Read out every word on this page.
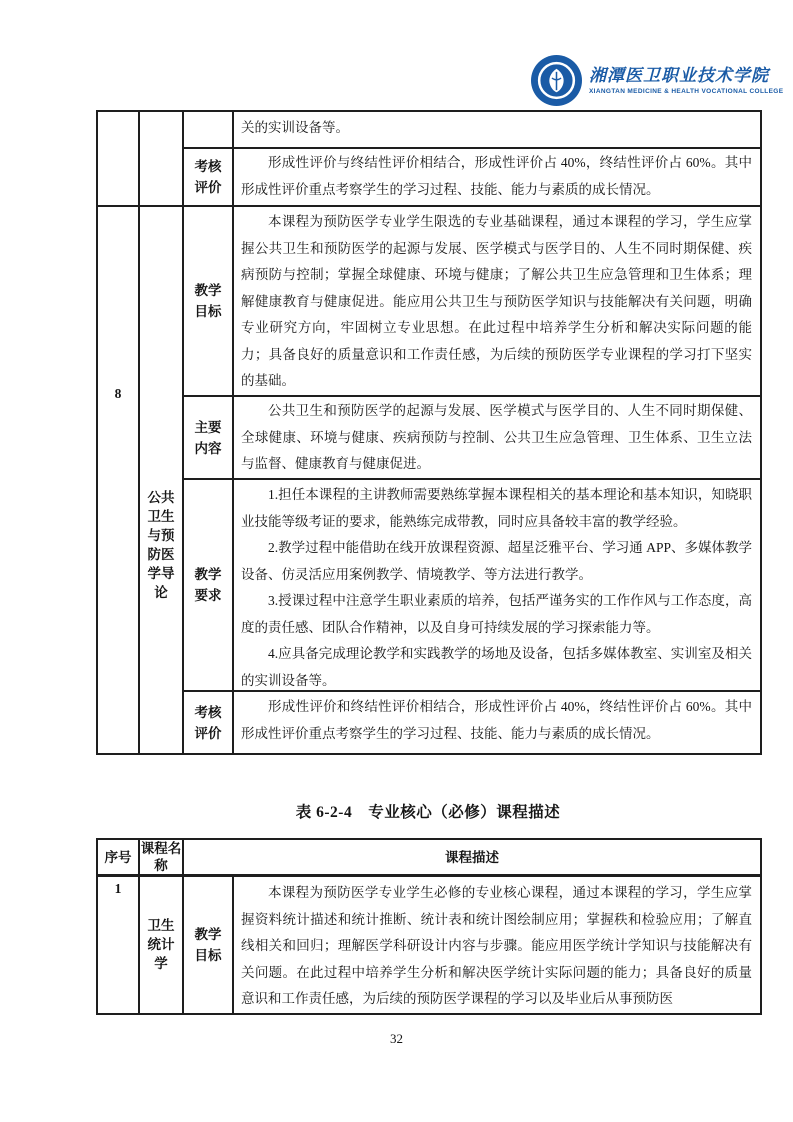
湘潭医卫职业技术学院
XIANGTAN MEDICINE & HEALTH VOCATIONAL COLLEGE

			关的实训设备等。

		考核评价	形成性评价与终结性评价相结合，形成性评价占 40%，终结性评价占 60%。其中形成性评价重点考察学生的学习过程、技能、能力与素质的成长情况。

8	公共卫生与预防医学导论	教学目标	本课程为预防医学专业学生限选的专业基础课程，通过本课程的学习，学生应掌握公共卫生和预防医学的起源与发展、医学模式与医学目的、人生不同时期保健、疾病预防与控制；掌握全球健康、环境与健康；了解公共卫生应急管理和卫生体系；理解健康教育与健康促进。能应用公共卫生与预防医学知识与技能解决有关问题，明确专业研究方向，牢固树立专业思想。在此过程中培养学生分析和解决实际问题的能力；具备良好的质量意识和工作责任感，为后续的预防医学专业课程的学习打下坚实的基础。

		主要内容	公共卫生和预防医学的起源与发展、医学模式与医学目的、人生不同时期保健、全球健康、环境与健康、疾病预防与控制、公共卫生应急管理、卫生体系、卫生立法与监督、健康教育与健康促进。

		教学要求	1.担任本课程的主讲教师需要熟练掌握本课程相关的基本理论和基本知识，知晓职业技能等级考证的要求，能熟练完成带教，同时应具备较丰富的教学经验。

2.教学过程中能借助在线开放课程资源、超星泛雅平台、学习通 APP、多媒体教学设备、仿灵活应用案例教学、情境教学、等方法进行教学。

3.授课过程中注意学生职业素质的培养，包括严谨务实的工作作风与工作态度，高度的责任感、团队合作精神，以及自身可持续发展的学习探索能力等。

4.应具备完成理论教学和实践教学的场地及设备，包括多媒体教室、实训室及相关的实训设备等。

		考核评价	形成性评价和终结性评价相结合，形成性评价占 40%，终结性评价占 60%。其中形成性评价重点考察学生的学习过程、技能、能力与素质的成长情况。

表 6-2-4　专业核心（必修）课程描述
序号	课程名称	课程描述	
1	卫生统计学	教学目标	本课程为预防医学专业学生必修的专业核心课程，通过本课程的学习，学生应掌握资料统计描述和统计推断、统计表和统计图绘制应用；掌握秩和检验应用；了解直线相关和回归；理解医学科研设计内容与步骤。能应用医学统计学知识与技能解决有关问题。在此过程中培养学生分析和解决医学统计实际问题的能力；具备良好的质量意识和工作责任感，为后续的预防医学课程的学习以及毕业后从事预防医

32
